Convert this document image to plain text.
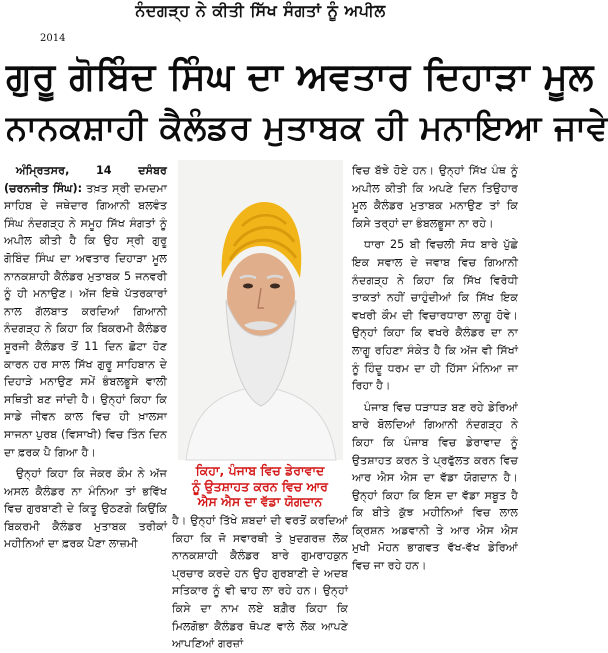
ਨੰਦਗੜ੍ਹ ਨੇ ਕੀਤੀ ਸਿੱਖ ਸੰਗਤਾਂ ਨੂੰ ਅਪੀਲ
2014
ਗੁਰੂ ਗੋਬਿੰਦ ਸਿੰਘ ਦਾ ਅਵਤਾਰ ਦਿਹਾੜਾ ਮੂਲ
ਨਾਨਕਸ਼ਾਹੀ ਕੈਲੰਡਰ ਮੁਤਾਬਕ ਹੀ ਮਨਾਇਆ ਜਾਵੇ

ਅੰਮ੍ਰਿਤਸਰ, 14 ਦਸੰਬਰ (ਚਰਨਜੀਤ ਸਿੰਘ): ਤਖ਼ਤ ਸ੍ਰੀ ਦਮਦਮਾ ਸਾਹਿਬ ਦੇ ਜਥੇਦਾਰ ਗਿਆਨੀ ਬਲਵੰਤ ਸਿੰਘ ਨੰਦਗੜ੍ਹ ਨੇ ਸਮੂਹ ਸਿੱਖ ਸੰਗਤਾਂ ਨੂੰ ਅਪੀਲ ਕੀਤੀ ਹੈ ਕਿ ਉਹ ਸ੍ਰੀ ਗੁਰੂ ਗੋਬਿੰਦ ਸਿੰਘ ਦਾ ਅਵਤਾਰ ਦਿਹਾੜਾ ਮੂਲ ਨਾਨਕਸ਼ਾਹੀ ਕੈਲੰਡਰ ਮੁਤਾਬਕ 5 ਜਨਵਰੀ ਨੂੰ ਹੀ ਮਨਾਉਣ। ਅੱਜ ਇਥੇ ਪੱਤਰਕਾਰਾਂ ਨਾਲ ਗੱਲਬਾਤ ਕਰਦਿਆਂ ਗਿਆਨੀ ਨੰਦਗੜ੍ਹ ਨੇ ਕਿਹਾ ਕਿ ਬਿਕਰਮੀ ਕੈਲੰਡਰ ਸੂਰਜੀ ਕੈਲੰਡਰ ਤੋਂ 11 ਦਿਨ ਛੋਟਾ ਹੋਣ ਕਾਰਨ ਹਰ ਸਾਲ ਸਿੱਖ ਗੁਰੂ ਸਾਹਿਬਾਨ ਦੇ ਦਿਹਾੜੇ ਮਨਾਉਣ ਸਮੇਂ ਭੰਬਲਭੂਸੇ ਵਾਲੀ ਸਥਿਤੀ ਬਣ ਜਾਂਦੀ ਹੈ। ਉਨ੍ਹਾਂ ਕਿਹਾ ਕਿ ਸਾਡੇ ਜੀਵਨ ਕਾਲ ਵਿਚ ਹੀ ਖ਼ਾਲਸਾ ਸਾਜਨਾ ਪੁਰਬ (ਵਿਸਾਖੀ) ਵਿਚ ਤਿੰਨ ਦਿਨ ਦਾ ਫ਼ਰਕ ਪੈ ਗਿਆ ਹੈ।

ਉਨ੍ਹਾਂ ਕਿਹਾ ਕਿ ਜੇਕਰ ਕੌਮ ਨੇ ਅੱਜ ਅਸਲ ਕੈਲੰਡਰ ਨਾ ਮੰਨਿਆ ਤਾਂ ਭਵਿੱਖ ਵਿਚ ਗੁਰਬਾਣੀ ਦੇ ਕਿਤੂ ਉਠਣਗੇ ਕਿਉਂਕਿ ਬਿਕਰਮੀ ਕੈਲੰਡਰ ਮੁਤਾਬਕ ਤਰੀਕਾਂ ਮਹੀਨਿਆਂ ਦਾ ਫ਼ਰਕ ਪੈਣਾ ਲਾਜ਼ਮੀ

ਕਿਹਾ, ਪੰਜਾਬ ਵਿਚ ਡੇਰਾਵਾਦ
ਨੂੰ ਉਤਸ਼ਾਹਤ ਕਰਨ ਵਿਚ ਆਰ
ਐਸ ਐਸ ਦਾ ਵੱਡਾ ਯੋਗਦਾਨ

ਹੈ। ਉਨ੍ਹਾਂ ਤਿੱਖੇ ਸ਼ਬਦਾਂ ਦੀ ਵਰਤੋਂ ਕਰਦਿਆਂ ਕਿਹਾ ਕਿ ਜੋ ਸਵਾਰਥੀ ਤੇ ਖ਼ੁਦਗਰਜ਼ ਲੋਕ ਨਾਨਕਸ਼ਾਹੀ ਕੈਲੰਡਰ ਬਾਰੇ ਗੁਮਰਾਹਕੁਨ ਪ੍ਰਚਾਰ ਕਰਦੇ ਹਨ ਉਹ ਗੁਰਬਾਣੀ ਦੇ ਅਦਬ ਸਤਿਕਾਰ ਨੂੰ ਵੀ ਢਾਹ ਲਾ ਰਹੇ ਹਨ। ਉਨ੍ਹਾਂ ਕਿਸੇ ਦਾ ਨਾਮ ਲਏ ਬਗ਼ੈਰ ਕਿਹਾ ਕਿ ਮਿਲਗੋਭਾ ਕੈਲੰਡਰ ਥੋਪਣ ਵਾਲੇ ਲੋਕ ਆਪਣੇ ਆਪਣਿਆਂ ਗਰਜ਼ਾਂ

ਵਿਚ ਬੱਝੇ ਹੋਏ ਹਨ। ਉਨ੍ਹਾਂ ਸਿੱਖ ਪੰਥ ਨੂੰ ਅਪੀਲ ਕੀਤੀ ਕਿ ਅਪਣੇ ਦਿਨ ਤਿਉਹਾਰ ਮੂਲ ਕੈਲੰਡਰ ਮੁਤਾਬਕ ਮਨਾਉਣ ਤਾਂ ਕਿ ਕਿਸੇ ਤਰ੍ਹਾਂ ਦਾ ਭੰਬਲਭੂਸਾ ਨਾ ਰਹੇ।

ਧਾਰਾ 25 ਬੀ ਵਿਚਲੀ ਸੋਧ ਬਾਰੇ ਪੁੱਛੇ ਇਕ ਸਵਾਲ ਦੇ ਜਵਾਬ ਵਿਚ ਗਿਆਨੀ ਨੰਦਗੜ੍ਹ ਨੇ ਕਿਹਾ ਕਿ ਸਿੱਖ ਵਿਰੋਧੀ ਤਾਕਤਾਂ ਨਹੀਂ ਚਾਹੁੰਦੀਆਂ ਕਿ ਸਿੱਖ ਇਕ ਵਖਰੀ ਕੌਮ ਦੀ ਵਿਚਾਰਧਾਰਾ ਲਾਗੂ ਹੋਵੇ। ਉਨ੍ਹਾਂ ਕਿਹਾ ਕਿ ਵਖਰੇ ਕੈਲੰਡਰ ਦਾ ਨਾ ਲਾਗੂ ਰਹਿਣਾ ਸੰਕੇਤ ਹੈ ਕਿ ਅੱਜ ਵੀ ਸਿੱਖਾਂ ਨੂੰ ਹਿੰਦੂ ਧਰਮ ਦਾ ਹੀ ਹਿੱਸਾ ਮੰਨਿਆ ਜਾ ਰਿਹਾ ਹੈ।

ਪੰਜਾਬ ਵਿਚ ਧੜਾਧੜ ਬਣ ਰਹੇ ਡੇਰਿਆਂ ਬਾਰੇ ਬੋਲਦਿਆਂ ਗਿਆਨੀ ਨੰਦਗੜ੍ਹ ਨੇ ਕਿਹਾ ਕਿ ਪੰਜਾਬ ਵਿਚ ਡੇਰਾਵਾਦ ਨੂੰ ਉਤਸ਼ਾਹਤ ਕਰਨ ਤੇ ਪ੍ਰਫੁੱਲਤ ਕਰਨ ਵਿਚ ਆਰ ਐਸ ਐਸ ਦਾ ਵੱਡਾ ਯੋਗਦਾਨ ਹੈ। ਉਨ੍ਹਾਂ ਕਿਹਾ ਕਿ ਇਸ ਦਾ ਵੱਡਾ ਸਬੂਤ ਹੈ ਕਿ ਬੀਤੇ ਕੁੱਝ ਮਹੀਨਿਆਂ ਵਿਚ ਲਾਲ ਕ੍ਰਿਸ਼ਨ ਅਡਵਾਨੀ ਤੇ ਆਰ ਐਸ ਐਸ ਮੁਖੀ ਮੋਹਨ ਭਾਗਵਤ ਵੱਖ-ਵੱਖ ਡੇਰਿਆਂ ਵਿਚ ਜਾ ਰਹੇ ਹਨ।
